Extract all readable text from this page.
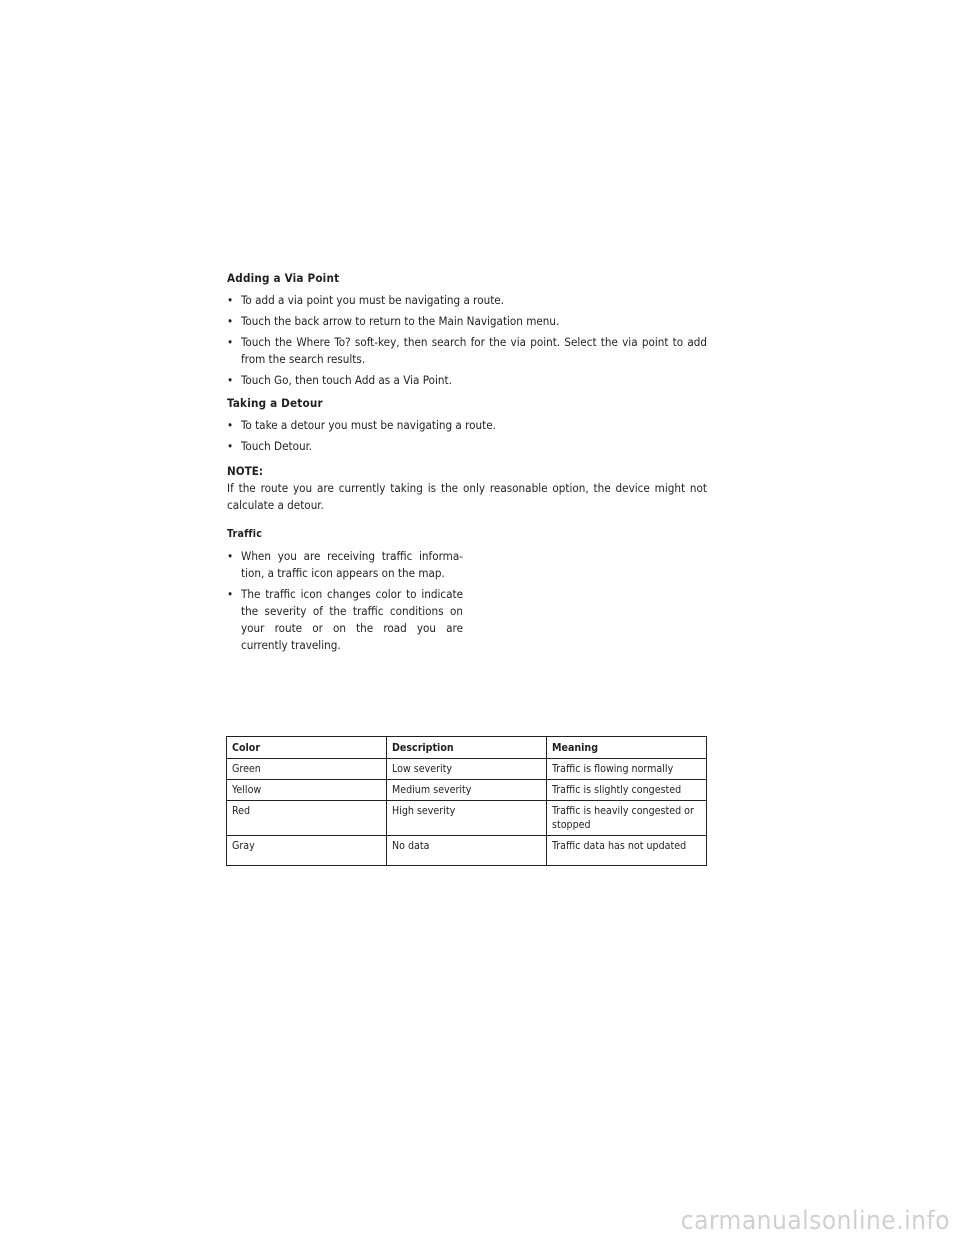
Adding a Via Point
• To add a via point you must be navigating a route.
• Touch the back arrow to return to the Main Navigation menu.
• Touch the Where To? soft-key, then search for the via point. Select the via point to add from the search results.
• Touch Go, then touch Add as a Via Point.
Taking a Detour
• To take a detour you must be navigating a route.
• Touch Detour.
NOTE:
If the route you are currently taking is the only reasonable option, the device might not calculate a detour.
Traffic
• When you are receiving traffic informa- tion, a traffic icon appears on the map.
• The traffic icon changes color to indicate the severity of the traffic conditions on your route or on the road you are currently traveling.
Color	Description	Meaning
Green	Low severity	Traffic is flowing normally
Yellow	Medium severity	Traffic is slightly congested
Red	High severity	Traffic is heavily congested or stopped
Gray	No data	Traffic data has not updated
carmanualsonline.info
